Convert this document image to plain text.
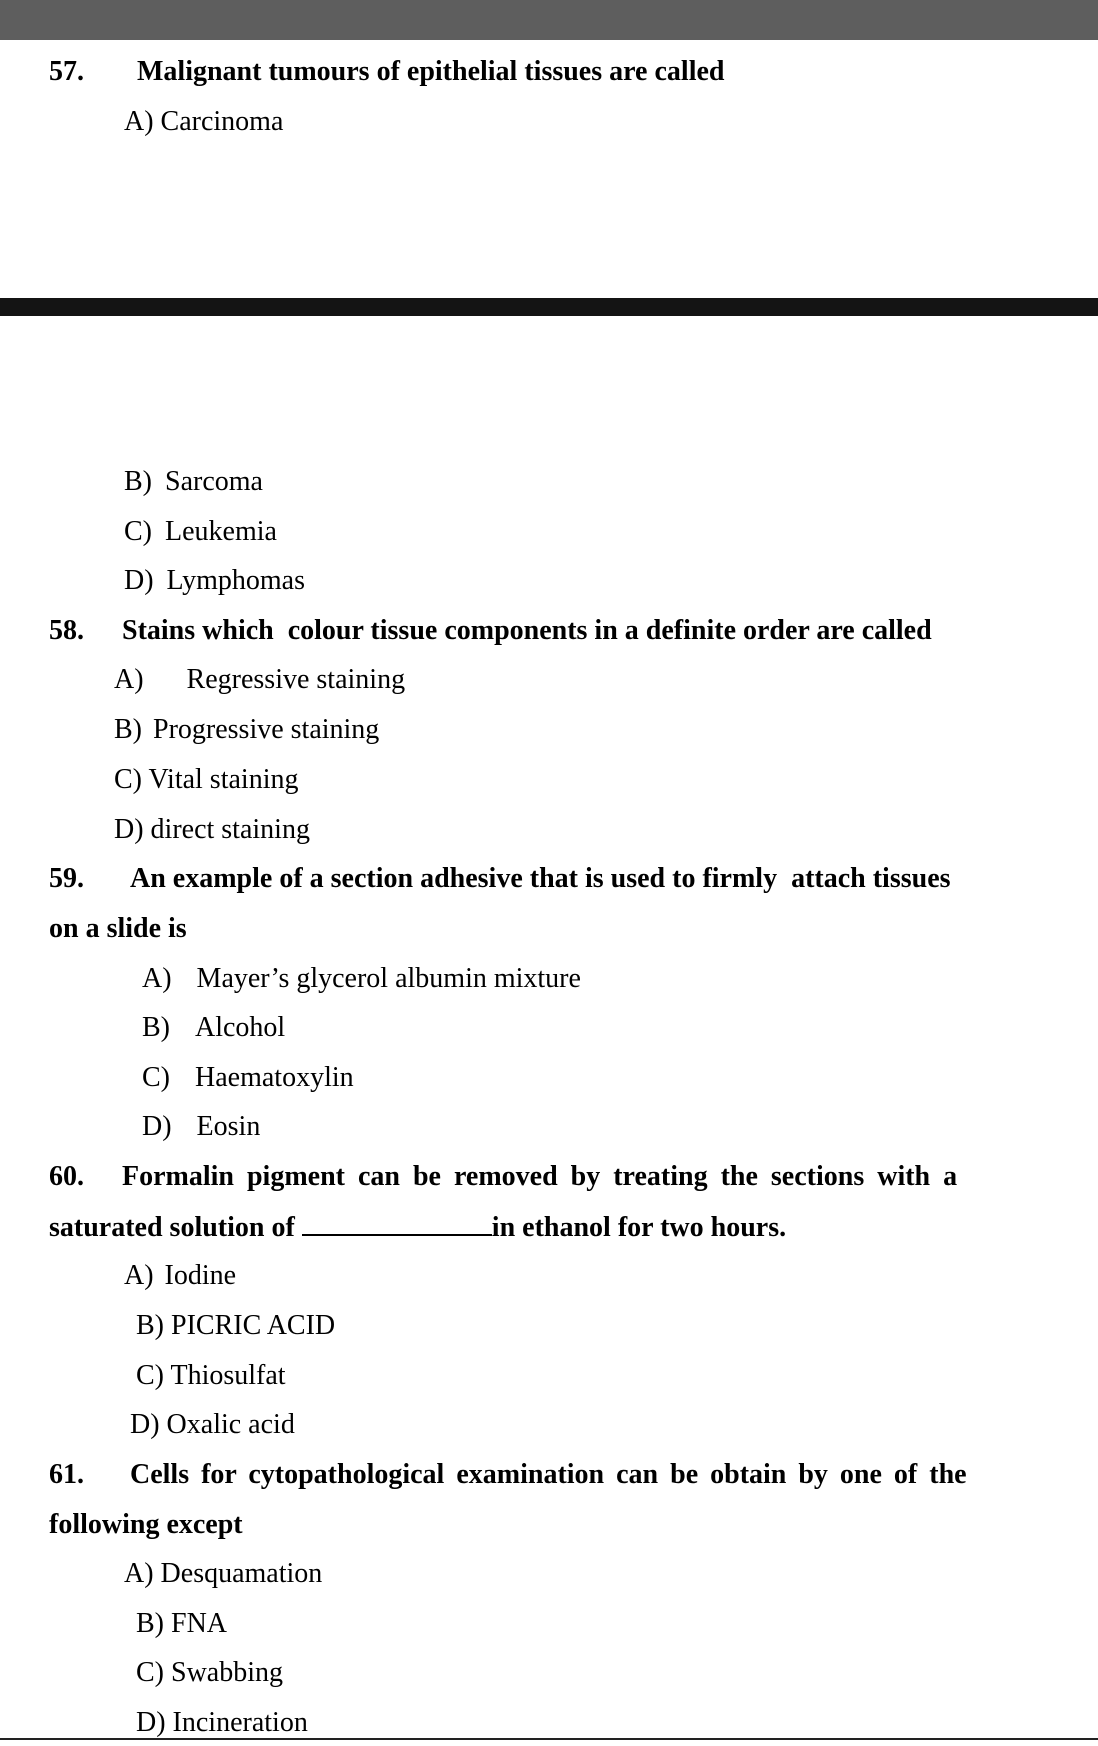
57. Malignant tumours of epithelial tissues are called
A) Carcinoma
B) Sarcoma
C) Leukemia
D) Lymphomas
58. Stains which  colour tissue components in a definite order are called
A) Regressive staining
B) Progressive staining
C) Vital staining
D) direct staining
59. An example of a section adhesive that is used to firmly  attach tissues
on a slide is
A) Mayer’s glycerol albumin mixture
B) Alcohol
C) Haematoxylin
D) Eosin
60. Formalin pigment can be removed by treating the sections with a
saturated solution of	in ethanol for two hours.
A) Iodine
B) PICRIC ACID
C) Thiosulfat
D) Oxalic acid
61. Cells for cytopathological examination can be obtain by one of the
following except
A) Desquamation
B) FNA
C) Swabbing
D) Incineration
